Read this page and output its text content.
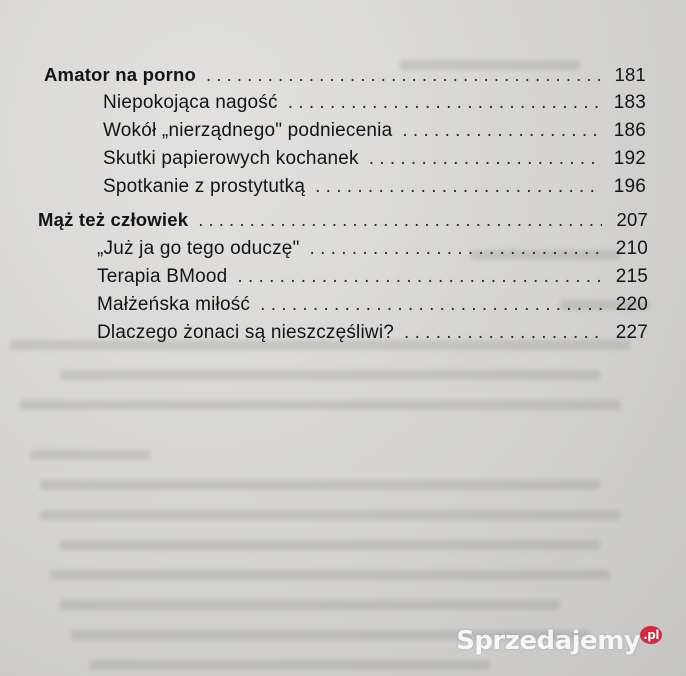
Amator na porno . . .	181
Niepokojąca nagość . . .	183
Wokół „nierządnego" podniecenia . . .	186
Skutki papierowych kochanek . . .	192
Spotkanie z prostytutką . . .	196
Mąż też człowiek . . .	207
„Już ja go tego oduczę" . . .	210
Terapia BMood . . .	215
Małżeńska miłość . . .	220
Dlaczego żonaci są nieszczęśliwi? . . .	227
Sprzedajemy $^{.pl}$
